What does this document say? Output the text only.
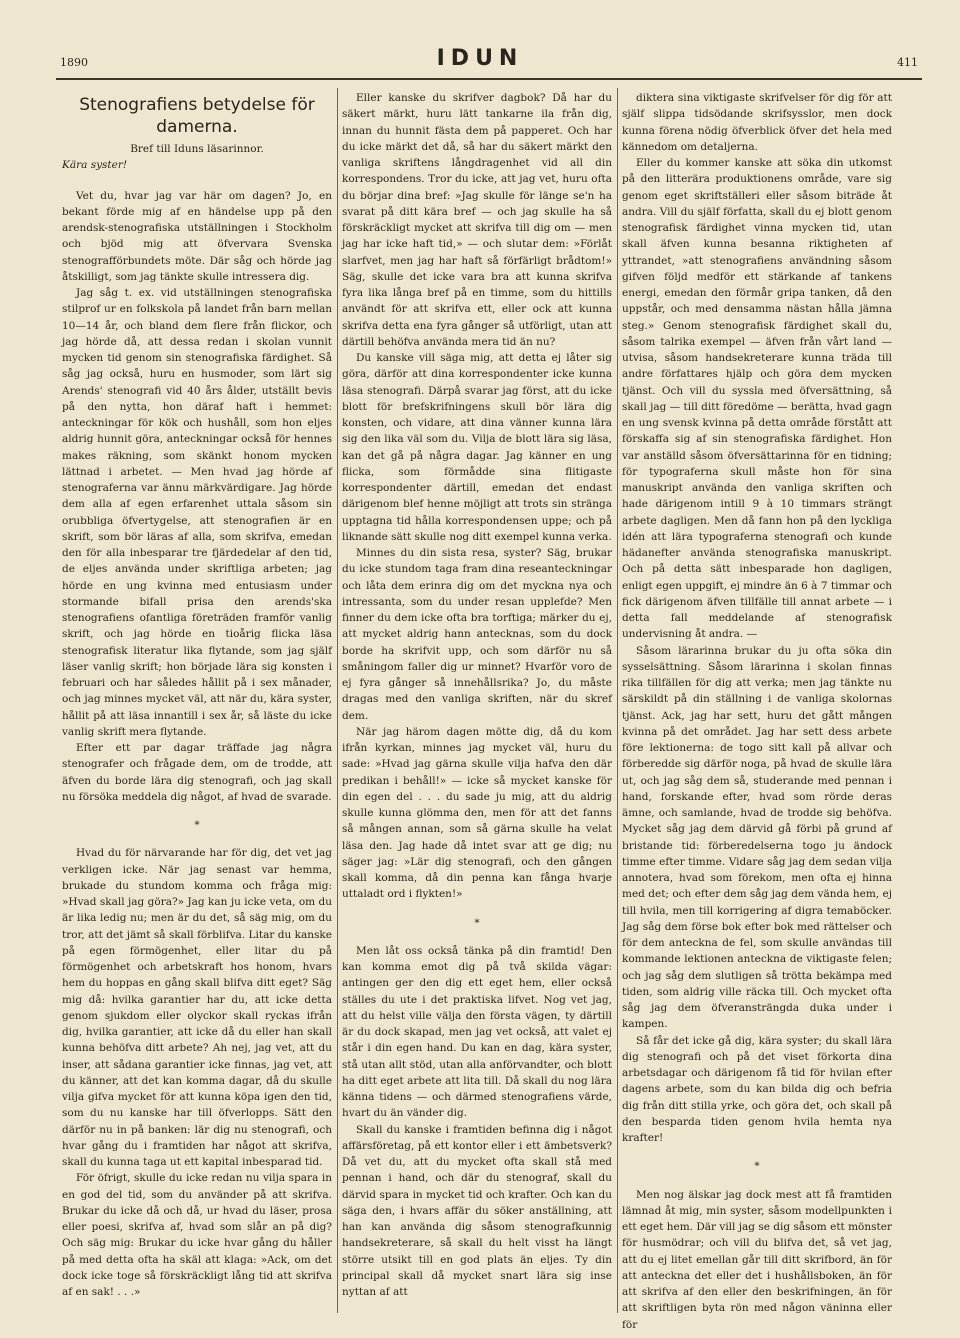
1890	IDUN	411
Stenografiens betydelse för damerna.
Bref till Iduns läsarinnor.
Kära syster!

Vet du, hvar jag var här om dagen? Jo, en bekant förde mig af en händelse upp på den arendsk-stenografiska utställningen i Stockholm och bjöd mig att öfvervara Svenska stenografförbundets möte. Där såg och hörde jag åtskilligt, som jag tänkte skulle intressera dig.

Jag såg t. ex. vid utställningen stenografiska stilprof ur en folkskola på landet från barn mellan 10—14 år, och bland dem flere från flickor, och jag hörde då, att dessa redan i skolan vunnit mycken tid genom sin stenografiska färdighet. Så såg jag också, huru en husmoder, som lärt sig Arends' stenografi vid 40 års ålder, utställt bevis på den nytta, hon däraf haft i hemmet: anteckningar för kök och hushåll, som hon eljes aldrig hunnit göra, anteckningar också för hennes makes räkning, som skänkt honom mycken lättnad i arbetet. — Men hvad jag hörde af stenograferna var ännu märkvärdigare. Jag hörde dem alla af egen erfarenhet uttala såsom sin orubbliga öfvertygelse, att stenografien är en skrift, som bör läras af alla, som skrifva, emedan den för alla inbesparar tre fjärdedelar af den tid, de eljes använda under skriftliga arbeten; jag hörde en ung kvinna med entusiasm under stormande bifall prisa den arends'ska stenografiens ofantliga företräden framför vanlig skrift, och jag hörde en tioårig flicka läsa stenografisk literatur lika flytande, som jag själf läser vanlig skrift; hon började lära sig konsten i februari och har således hållit på i sex månader, och jag minnes mycket väl, att när du, kära syster, hållit på att läsa innantill i sex år, så läste du icke vanlig skrift mera flytande.

Efter ett par dagar träffade jag några stenografer och frågade dem, om de trodde, att äfven du borde lära dig stenografi, och jag skall nu försöka meddela dig något, af hvad de svarade.

*

Hvad du för närvarande har för dig, det vet jag verkligen icke. När jag senast var hemma, brukade du stundom komma och fråga mig: »Hvad skall jag göra?» Jag kan ju icke veta, om du är lika ledig nu; men är du det, så säg mig, om du tror, att det jämt så skall förblifva. Litar du kanske på egen förmögenhet, eller litar du på förmögenhet och arbetskraft hos honom, hvars hem du hoppas en gång skall blifva ditt eget? Säg mig då: hvilka garantier har du, att icke detta genom sjukdom eller olyckor skall ryckas ifrån dig, hvilka garantier, att icke då du eller han skall kunna behöfva ditt arbete? Ah nej, jag vet, att du inser, att sådana garantier icke finnas, jag vet, att du känner, att det kan komma dagar, då du skulle vilja gifva mycket för att kunna köpa igen den tid, som du nu kanske har till öfverlopps. Sätt den därför nu in på banken: lär dig nu stenografi, och hvar gång du i framtiden har något att skrifva, skall du kunna taga ut ett kapital inbesparad tid.

För öfrigt, skulle du icke redan nu vilja spara in en god del tid, som du använder på att skrifva. Brukar du icke då och då, ur hvad du läser, prosa eller poesi, skrifva af, hvad som slår an på dig? Och säg mig: Brukar du icke hvar gång du håller på med detta ofta ha skäl att klaga: »Ack, om det dock icke toge så förskräckligt lång tid att skrifva af en sak! . . .»

Eller kanske du skrifver dagbok? Då har du säkert märkt, huru lätt tankarne ila från dig, innan du hunnit fästa dem på papperet. Och har du icke märkt det då, så har du säkert märkt den vanliga skriftens långdragenhet vid all din korrespondens. Tror du icke, att jag vet, huru ofta du börjar dina bref: »Jag skulle för länge se'n ha svarat på ditt kära bref — och jag skulle ha så förskräckligt mycket att skrifva till dig om — men jag har icke haft tid,» — och slutar dem: »Förlåt slarfvet, men jag har haft så förfärligt brådtom!» Säg, skulle det icke vara bra att kunna skrifva fyra lika långa bref på en timme, som du hittills användt för att skrifva ett, eller ock att kunna skrifva detta ena fyra gånger så utförligt, utan att därtill behöfva använda mera tid än nu?

Du kanske vill säga mig, att detta ej låter sig göra, därför att dina korrespondenter icke kunna läsa stenografi. Därpå svarar jag först, att du icke blott för brefskrifningens skull bör lära dig konsten, och vidare, att dina vänner kunna lära sig den lika väl som du. Vilja de blott lära sig läsa, kan det gå på några dagar. Jag känner en ung flicka, som förmådde sina flitigaste korrespondenter därtill, emedan det endast därigenom blef henne möjligt att trots sin stränga upptagna tid hålla korrespondensen uppe; och på liknande sätt skulle nog ditt exempel kunna verka.

Minnes du din sista resa, syster? Säg, brukar du icke stundom taga fram dina reseanteckningar och låta dem erinra dig om det myckna nya och intressanta, som du under resan upplefde? Men finner du dem icke ofta bra torftiga; märker du ej, att mycket aldrig hann antecknas, som du dock borde ha skrifvit upp, och som därför nu så småningom faller dig ur minnet? Hvarför voro de ej fyra gånger så innehållsrika? Jo, du måste dragas med den vanliga skriften, när du skref dem.

När jag härom dagen mötte dig, då du kom ifrån kyrkan, minnes jag mycket väl, huru du sade: »Hvad jag gärna skulle vilja hafva den där predikan i behåll!» — icke så mycket kanske för din egen del . . . du sade ju mig, att du aldrig skulle kunna glömma den, men för att det fanns så mången annan, som så gärna skulle ha velat läsa den. Jag hade då intet svar att ge dig; nu säger jag: »Lär dig stenografi, och den gången skall komma, då din penna kan fånga hvarje uttaladt ord i flykten!»

*

Men låt oss också tänka på din framtid! Den kan komma emot dig på två skilda vägar: antingen ger den dig ett eget hem, eller också ställes du ute i det praktiska lifvet. Nog vet jag, att du helst ville välja den första vägen, ty därtill är du dock skapad, men jag vet också, att valet ej står i din egen hand. Du kan en dag, kära syster, stå utan allt stöd, utan alla anförvandter, och blott ha ditt eget arbete att lita till. Då skall du nog lära känna tidens — och därmed stenografiens värde, hvart du än vänder dig.

Skall du kanske i framtiden befinna dig i något affärsföretag, på ett kontor eller i ett ämbetsverk? Då vet du, att du mycket ofta skall stå med pennan i hand, och där du stenograf, skall du därvid spara in mycket tid och krafter. Och kan du säga den, i hvars affär du söker anställning, att han kan använda dig såsom stenografkunnig handsekreterare, så skall du helt visst ha längt större utsikt till en god plats än eljes. Ty din principal skall då mycket snart lära sig inse nyttan af att

diktera sina viktigaste skrifvelser för dig för att själf slippa tidsödande skrifsysslor, men dock kunna förena nödig öfverblick öfver det hela med kännedom om detaljerna.

Eller du kommer kanske att söka din utkomst på den litterära produktionens område, vare sig genom eget skriftställeri eller såsom biträde åt andra. Vill du själf författa, skall du ej blott genom stenografisk färdighet vinna mycken tid, utan skall äfven kunna besanna riktigheten af yttrandet, »att stenografiens användning såsom gifven följd medför ett stärkande af tankens energi, emedan den förmår gripa tanken, då den uppstår, och med densamma nästan hålla jämna steg.» Genom stenografisk färdighet skall du, såsom talrika exempel — äfven från vårt land — utvisa, såsom handsekreterare kunna träda till andre författares hjälp och göra dem mycken tjänst. Och vill du syssla med öfversättning, så skall jag — till ditt föredöme — berätta, hvad gagn en ung svensk kvinna på detta område förstått att förskaffa sig af sin stenografiska färdighet. Hon var anställd såsom öfversättarinna för en tidning; för typograferna skull måste hon för sina manuskript använda den vanliga skriften och hade därigenom intill 9 à 10 timmars strängt arbete dagligen. Men då fann hon på den lyckliga idén att lära typograferna stenografi och kunde hädanefter använda stenografiska manuskript. Och på detta sätt inbesparade hon dagligen, enligt egen uppgift, ej mindre än 6 à 7 timmar och fick därigenom äfven tillfälle till annat arbete — i detta fall meddelande af stenografisk undervisning åt andra. —

Såsom lärarinna brukar du ju ofta söka din sysselsättning. Såsom lärarinna i skolan finnas rika tillfällen för dig att verka; men jag tänkte nu särskildt på din ställning i de vanliga skolornas tjänst. Ack, jag har sett, huru det gått mången kvinna på det området. Jag har sett dess arbete före lektionerna: de togo sitt kall på allvar och förberedde sig därför noga, på hvad de skulle lära ut, och jag såg dem så, studerande med pennan i hand, forskande efter, hvad som rörde deras ämne, och samlande, hvad de trodde sig behöfva. Mycket såg jag dem därvid gå förbi på grund af bristande tid: förberedelserna togo ju ändock timme efter timme. Vidare såg jag dem sedan vilja annotera, hvad som förekom, men ofta ej hinna med det; och efter dem såg jag dem vända hem, ej till hvila, men till korrigering af digra temaböcker. Jag såg dem förse bok efter bok med rättelser och för dem anteckna de fel, som skulle användas till kommande lektionen anteckna de viktigaste felen; och jag såg dem slutligen så trötta bekämpa med tiden, som aldrig ville räcka till. Och mycket ofta såg jag dem öfveransträngda duka under i kampen.

Så får det icke gå dig, kära syster; du skall lära dig stenografi och på det viset förkorta dina arbetsdagar och därigenom få tid för hvilan efter dagens arbete, som du kan bilda dig och befria dig från ditt stilla yrke, och göra det, och skall på den besparda tiden genom hvila hemta nya krafter!

*

Men nog älskar jag dock mest att få framtiden lämnad åt mig, min syster, såsom modellpunkten i ett eget hem. Där vill jag se dig såsom ett mönster för husmödrar; och vill du blifva det, så vet jag, att du ej litet emellan går till ditt skrifbord, än för att anteckna det eller det i hushållsboken, än för att skrifva af den eller den beskrifningen, än för att skriftligen byta rön med någon väninna eller för
